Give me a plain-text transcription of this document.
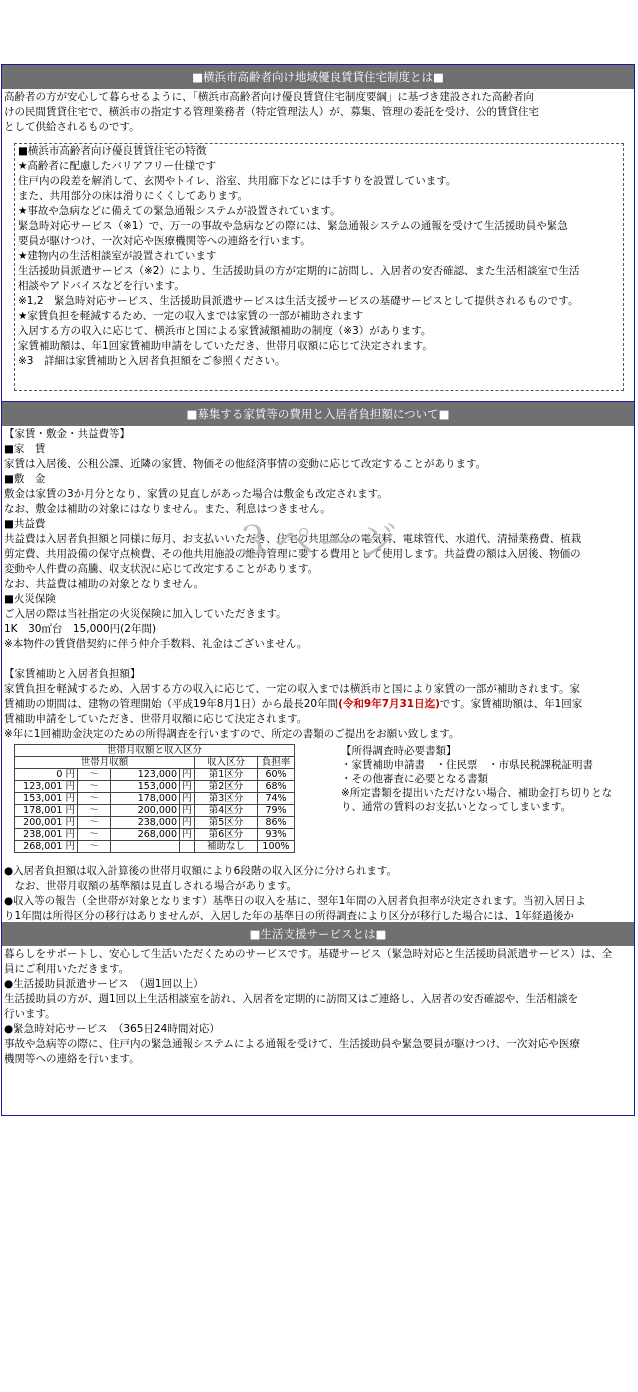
■横浜市高齢者向け地域優良賃貸住宅制度とは■

高齢者の方が安心して暮らせるように、「横浜市高齢者向け優良賃貸住宅制度要綱」に基づき建設された高齢者向

けの民間賃貸住宅で、横浜市の指定する管理業務者（特定管理法人）が、募集、管理の委託を受け、公的賃貸住宅

として供給されるものです。

■横浜市高齢者向け優良賃貸住宅の特徴

★高齢者に配慮したバリアフリー仕様です

住戸内の段差を解消して、玄関やトイレ、浴室、共用廊下などには手すりを設置しています。

また、共用部分の床は滑りにくくしてあります。

★事故や急病などに備えての緊急通報システムが設置されています。

緊急時対応サービス（※1）で、万一の事故や急病などの際には、緊急通報システムの通報を受けて生活援助員や緊急

要員が駆けつけ、一次対応や医療機関等への連絡を行います。

★建物内の生活相談室が設置されています

生活援助員派遣サービス（※2）により、生活援助員の方が定期的に訪問し、入居者の安否確認、また生活相談室で生活

相談やアドバイスなどを行います。

※1,2　緊急時対応サービス、生活援助員派遣サービスは生活支援サービスの基礎サービスとして提供されるものです。

★家賃負担を軽減するため、一定の収入までは家賃の一部が補助されます

入居する方の収入に応じて、横浜市と国による家賃減額補助の制度（※3）があります。

家賃補助額は、年1回家賃補助申請をしていただき、世帯月収額に応じて決定されます。

※3　詳細は家賃補助と入居者負担額をご参照ください。

■募集する家賃等の費用と入居者負担額について■
３ページ

【家賃・敷金・共益費等】

■家　賃

家賃は入居後、公租公課、近隣の家賃、物価その他経済事情の変動に応じて改定することがあります。

■敷　金

敷金は家賃の3か月分となり、家賃の見直しがあった場合は敷金も改定されます。

なお、敷金は補助の対象にはなりません。また、利息はつきません。

■共益費

共益費は入居者負担額と同様に毎月、お支払いいただき、住宅の共用部分の電気料、電球管代、水道代、清掃業務費、植栽

剪定費、共用設備の保守点検費、その他共用施設の維持管理に要する費用として使用します。共益費の額は入居後、物価の

変動や人件費の高騰、収支状況に応じて改定することがあります。

なお、共益費は補助の対象となりません。

■火災保険

ご入居の際は当社指定の火災保険に加入していただきます。

1K　30㎡台　15,000円(2年間)

※本物件の賃貸借契約に伴う仲介手数料、礼金はございません。

【家賃補助と入居者負担額】

家賃負担を軽減するため、入居する方の収入に応じて、一定の収入までは横浜市と国により家賃の一部が補助されます。家

賃補助の期間は、建物の管理開始（平成19年8月1日）から最長20年間(令和9年7月31日迄)です。家賃補助額は、年1回家

賃補助申請をしていただき、世帯月収額に応じて決定されます。

※年に1回補助金決定のための所得調査を行いますので、所定の書類のご提出をお願い致します。

世帯月収額と収入区分					
世帯月収額				収入区分	負担率
0 円	～	123,000	円	第1区分	60%
123,001 円	～	153,000	円	第2区分	68%
153,001 円	～	178,000	円	第3区分	74%
178,001 円	～	200,000	円	第4区分	79%
200,001 円	～	238,000	円	第5区分	86%
238,001 円	～	268,000	円	第6区分	93%
268,001 円	～			補助なし	100%

【所得調査時必要書類】

・家賃補助申請書　・住民票　・市県民税課税証明書

・その他審査に必要となる書類

※所定書類を提出いただけない場合、補助金打ち切りとな

り、通常の賃料のお支払いとなってしまいます。

●入居者負担額は収入計算後の世帯月収額により6段階の収入区分に分けられます。

　なお、世帯月収額の基準額は見直しされる場合があります。

●収入等の報告（全世帯が対象となります）基準日の収入を基に、翌年1年間の入居者負担率が決定されます。当初入居日よ

り1年間は所得区分の移行はありませんが、入居した年の基準日の所得調査により区分が移行した場合には、1年経過後か

■生活支援サービスとは■

暮らしをサポートし、安心して生活いただくためのサービスです。基礎サービス（緊急時対応と生活援助員派遣サービス）は、全

員にご利用いただきます。

●生活援助員派遣サービス　（週1回以上）

生活援助員の方が、週1回以上生活相談室を訪れ、入居者を定期的に訪問又はご連絡し、入居者の安否確認や、生活相談を

行います。

●緊急時対応サービス　（365日24時間対応）

事故や急病等の際に、住戸内の緊急通報システムによる通報を受けて、生活援助員や緊急要員が駆けつけ、一次対応や医療

機関等への連絡を行います。
